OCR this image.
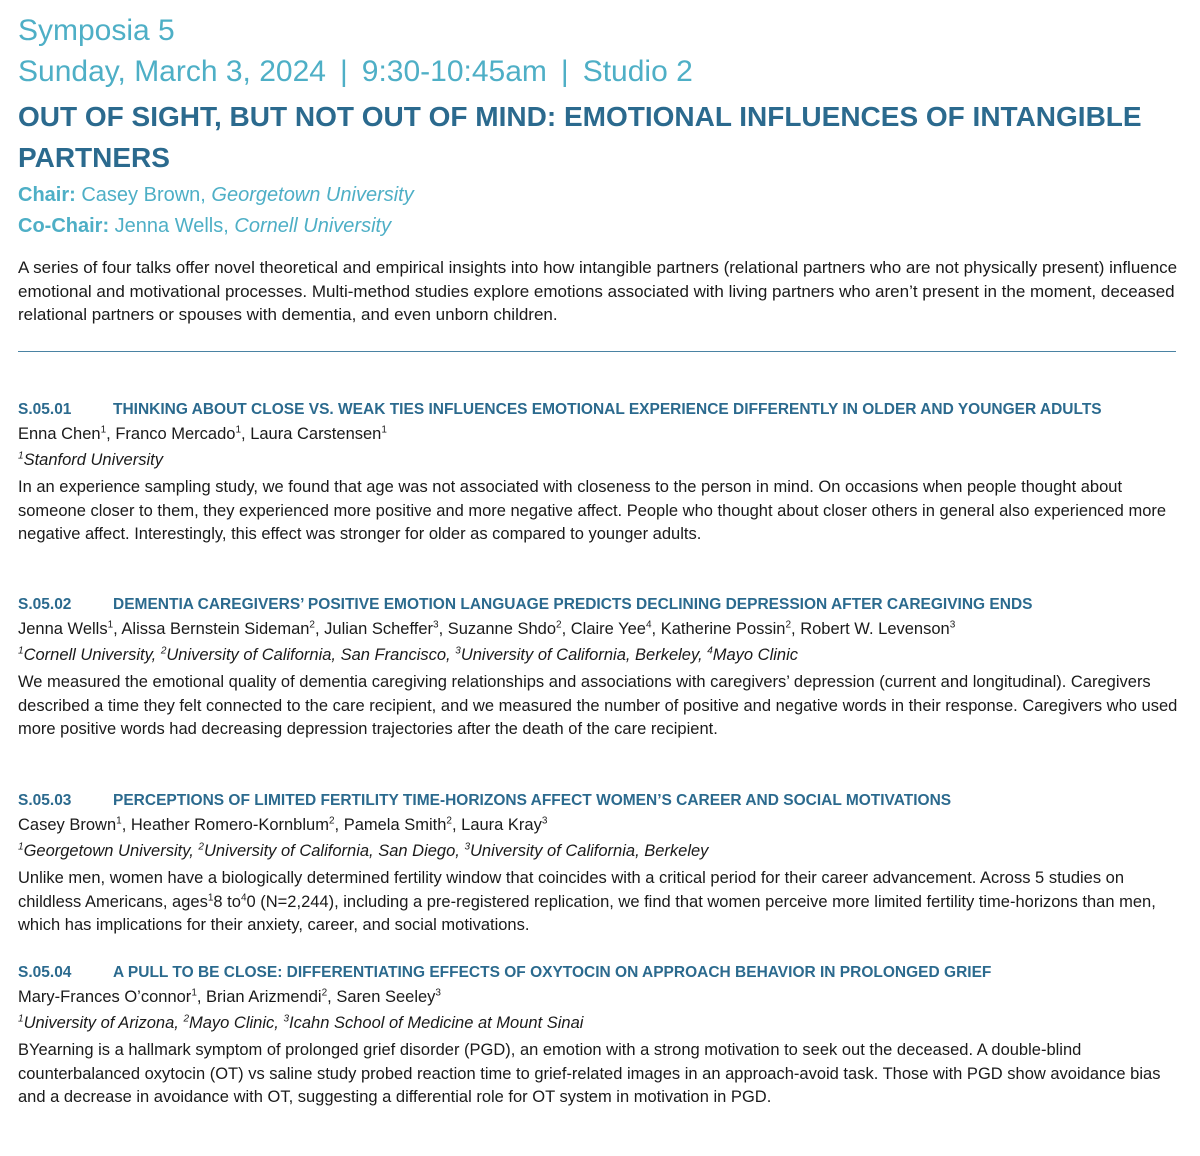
Symposia 5
Sunday, March 3, 2024 | 9:30-10:45am | Studio 2
OUT OF SIGHT, BUT NOT OUT OF MIND: EMOTIONAL INFLUENCES OF INTANGIBLE PARTNERS
Chair: Casey Brown, Georgetown University
Co-Chair: Jenna Wells, Cornell University
A series of four talks offer novel theoretical and empirical insights into how intangible partners (relational partners who are not physically present) influence emotional and motivational processes. Multi-method studies explore emotions associated with living partners who aren’t present in the moment, deceased relational partners or spouses with dementia, and even unborn children.
S.05.01	THINKING ABOUT CLOSE VS. WEAK TIES INFLUENCES EMOTIONAL EXPERIENCE DIFFERENTLY IN OLDER AND YOUNGER ADULTS
Enna Chen$^1$, Franco Mercado$^1$, Laura Carstensen$^1$
$^1$Stanford University
In an experience sampling study, we found that age was not associated with closeness to the person in mind. On occasions when people thought about someone closer to them, they experienced more positive and more negative affect. People who thought about closer others in general also experienced more negative affect. Interestingly, this effect was stronger for older as compared to younger adults.
S.05.02	DEMENTIA CAREGIVERS’ POSITIVE EMOTION LANGUAGE PREDICTS DECLINING DEPRESSION AFTER CAREGIVING ENDS
Jenna Wells$^1$, Alissa Bernstein Sideman$^2$, Julian Scheffer$^3$, Suzanne Shdo$^2$, Claire Yee$^4$, Katherine Possin$^2$, Robert W. Levenson$^3$
$^1$Cornell University, $^2$University of California, San Francisco, $^3$University of California, Berkeley, $^4$Mayo Clinic
We measured the emotional quality of dementia caregiving relationships and associations with caregivers’ depression (current and longitudinal). Caregivers described a time they felt connected to the care recipient, and we measured the number of positive and negative words in their response. Caregivers who used more positive words had decreasing depression trajectories after the death of the care recipient.
S.05.03	PERCEPTIONS OF LIMITED FERTILITY TIME-HORIZONS AFFECT WOMEN’S CAREER AND SOCIAL MOTIVATIONS
Casey Brown$^1$, Heather Romero-Kornblum$^2$, Pamela Smith$^2$, Laura Kray$^3$
$^1$Georgetown University, $^2$University of California, San Diego, $^3$University of California, Berkeley
Unlike men, women have a biologically determined fertility window that coincides with a critical period for their career advancement. Across 5 studies on childless Americans, ages$^1$8 $to^40$ (N=2,244), including a pre-registered replication, we find that women perceive more limited fertility time-horizons than men, which has implications for their anxiety, career, and social motivations.
S.05.04	A PULL TO BE CLOSE: DIFFERENTIATING EFFECTS OF OXYTOCIN ON APPROACH BEHAVIOR IN PROLONGED GRIEF
Mary-Frances O’connor$^1$, Brian Arizmendi$^2$, Saren Seeley$^3$
$^1$University of Arizona, $^2$Mayo Clinic, $^3$Icahn School of Medicine at Mount Sinai
BYearning is a hallmark symptom of prolonged grief disorder (PGD), an emotion with a strong motivation to seek out the deceased. A double-blind counterbalanced oxytocin (OT) vs saline study probed reaction time to grief-related images in an approach-avoid task. Those with PGD show avoidance bias and a decrease in avoidance with OT, suggesting a differential role for OT system in motivation in PGD.
